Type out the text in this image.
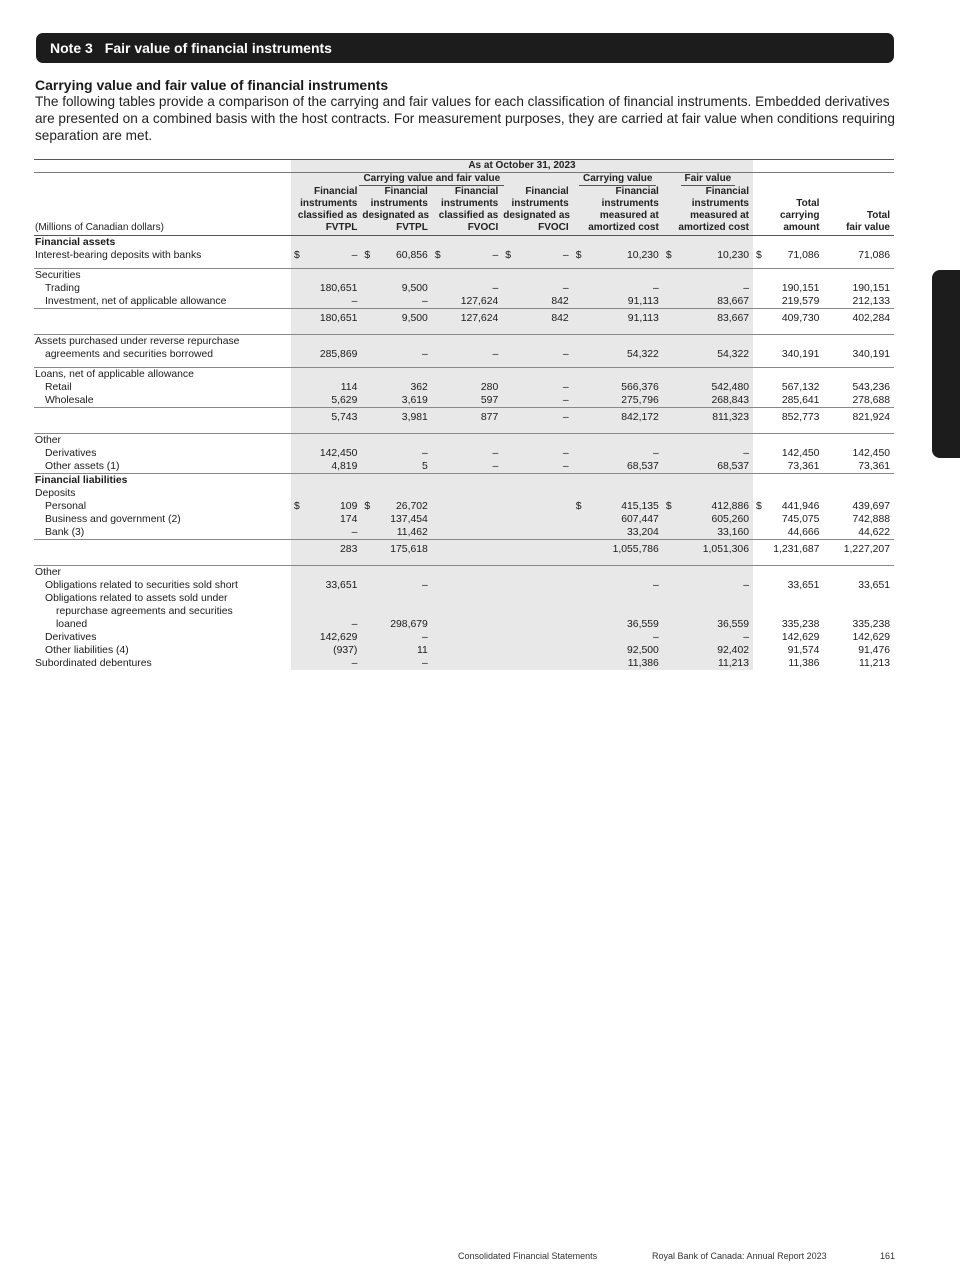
Note 3 Fair value of financial instruments
Carrying value and fair value of financial instruments

The following tables provide a comparison of the carrying and fair values for each classification of financial instruments. Embedded derivatives are presented on a combined basis with the host contracts. For measurement purposes, they are carried at fair value when conditions requiring separation are met.

	As at October 31, 2023							
	Carrying value and fair value				Carrying value	Fair value		
(Millions of Canadian dollars)	Financial
instruments
classified as
FVTPL	Financial
instruments
designated as
FVTPL	Financial
instruments
classified as
FVOCI	Financial
instruments
designated as
FVOCI	Financial
instruments
measured at
amortized cost	Financial
instruments
measured at
amortized cost	Total
carrying
amount	Total
fair value
Financial assets								
Interest-bearing deposits with banks	$ –	$ 60,856	$ –	$ –	$ 10,230	$ 10,230	$ 71,086	71,086

Securities								
Trading	180,651	9,500	–	–	–	–	190,151	190,151
Investment, net of applicable allowance	–	–	127,624	842	91,113	83,667	219,579	212,133
	180,651	9,500	127,624	842	91,113	83,667	409,730	402,284

Assets purchased under reverse repurchase								
agreements and securities borrowed	285,869	–	–	–	54,322	54,322	340,191	340,191

Loans, net of applicable allowance								
Retail	114	362	280	–	566,376	542,480	567,132	543,236
Wholesale	5,629	3,619	597	–	275,796	268,843	285,641	278,688
	5,743	3,981	877	–	842,172	811,323	852,773	821,924

Other								
Derivatives	142,450	–	–	–	–	–	142,450	142,450
Other assets (1)	4,819	5	–	–	68,537	68,537	73,361	73,361
Financial liabilities								
Deposits								
Personal	$ 109	$ 26,702			$ 415,135	$ 412,886	$ 441,946	439,697
Business and government (2)	174	137,454			607,447	605,260	745,075	742,888
Bank (3)	–	11,462			33,204	33,160	44,666	44,622
	283	175,618			1,055,786	1,051,306	1,231,687	1,227,207

Other								
Obligations related to securities sold short	33,651	–			–	–	33,651	33,651
Obligations related to assets sold under								
repurchase agreements and securities								
loaned	–	298,679			36,559	36,559	335,238	335,238
Derivatives	142,629	–			–	–	142,629	142,629
Other liabilities (4)	(937)	11			92,500	92,402	91,574	91,476
Subordinated debentures	–	–			11,386	11,213	11,386	11,213
Consolidated Financial Statements	Royal Bank of Canada: Annual Report 2023	161
